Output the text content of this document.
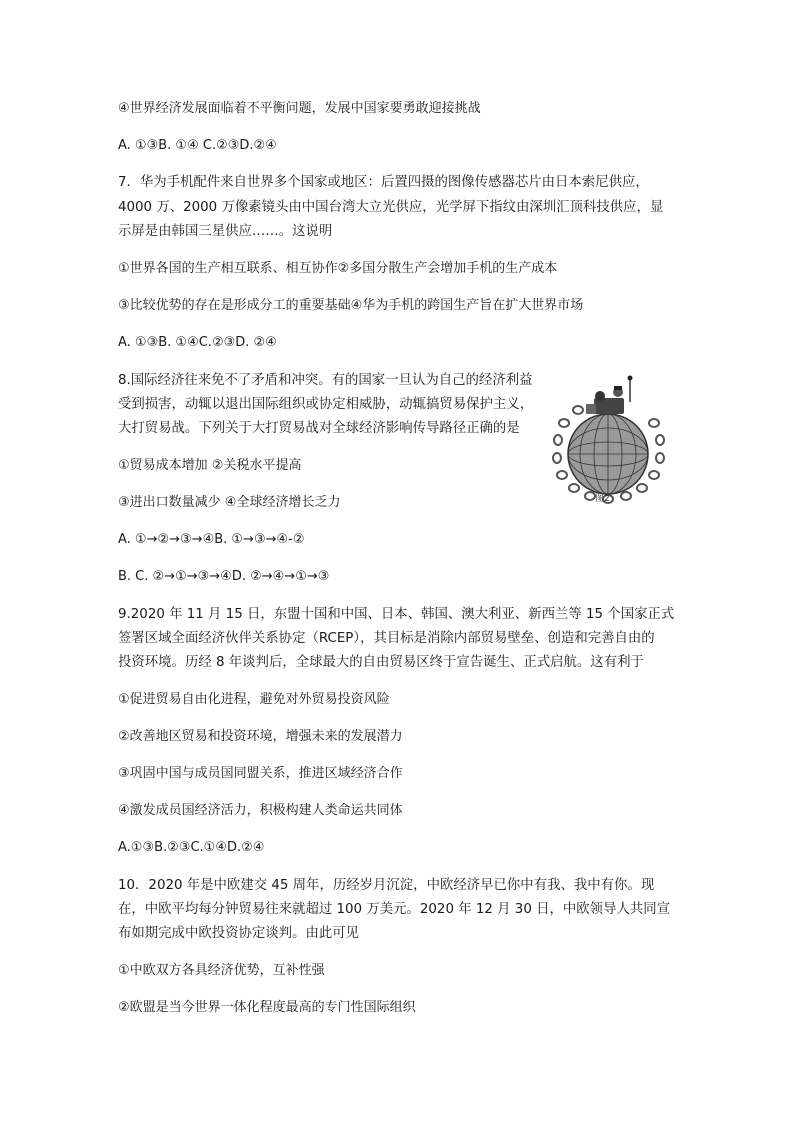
④世界经济发展面临着不平衡问题，发展中国家要勇敢迎接挑战
A. ①③B. ①④ C.②③D.②④
7．华为手机配件来自世界多个国家或地区：后置四摄的图像传感器芯片由日本索尼供应，
4000 万、2000 万像素镜头由中国台湾大立光供应，光学屏下指纹由深圳汇顶科技供应，显
示屏是由韩国三星供应……。这说明
①世界各国的生产相互联系、相互协作②多国分散生产会增加手机的生产成本
③比较优势的存在是形成分工的重要基础④华为手机的跨国生产旨在扩大世界市场
A. ①③B. ①④C.②③D. ②④
8.国际经济往来免不了矛盾和冲突。有的国家一旦认为自己的经济利益
受到损害，动辄以退出国际组织或协定相威胁，动辄搞贸易保护主义，
大打贸易战。下列关于大打贸易战对全球经济影响传导路径正确的是
①贸易成本增加 ②关税水平提高
③进出口数量减少 ④全球经济增长乏力
A. ①→②→③→④B. ①→③→④-②
B. C. ②→①→③→④D. ②→④→①→③
图2
9.2020 年 11 月 15 日，东盟十国和中国、日本、韩国、澳大利亚、新西兰等 15 个国家正式
签署区域全面经济伙伴关系协定（RCEP），其目标是消除内部贸易壁垒、创造和完善自由的
投资环境。历经 8 年谈判后，全球最大的自由贸易区终于宣告诞生、正式启航。这有利于
①促进贸易自由化进程，避免对外贸易投资风险
②改善地区贸易和投资环境，增强未来的发展潜力
③巩固中国与成员国同盟关系，推进区域经济合作
④激发成员国经济活力，积极构建人类命运共同体
A.①③B.②③C.①④D.②④
10．2020 年是中欧建交 45 周年，历经岁月沉淀，中欧经济早已你中有我、我中有你。现
在，中欧平均每分钟贸易往来就超过 100 万美元。2020 年 12 月 30 日，中欧领导人共同宣
布如期完成中欧投资协定谈判。由此可见
①中欧双方各具经济优势，互补性强
②欧盟是当今世界一体化程度最高的专门性国际组织
